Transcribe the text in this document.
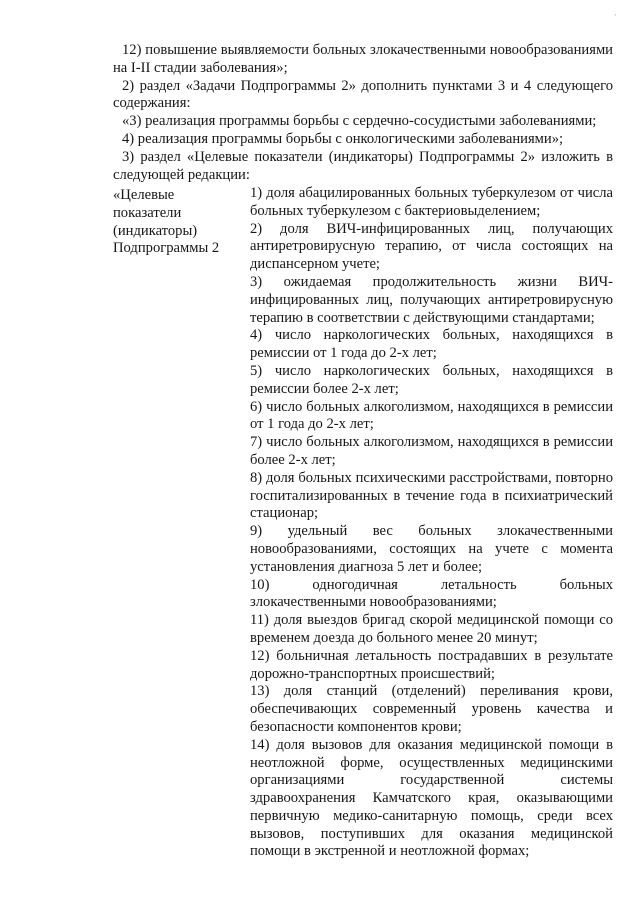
‚

12) повышение выявляемости больных злокачественными новообразованиями на I-II стадии заболевания»;

2) раздел «Задачи Подпрограммы 2» дополнить пунктами 3 и 4 следующего содержания:

«3) реализация программы борьбы с сердечно-сосудистыми заболеваниями;

4) реализация программы борьбы с онкологическими заболеваниями»;

3) раздел «Целевые показатели (индикаторы) Подпрограммы 2» изложить в следующей редакции:

«Целевые показатели (индикаторы) Подпрограммы 2

1) доля абацилированных больных туберкулезом от числа больных туберкулезом с бактериовыделением;

2) доля ВИЧ-инфицированных лиц, получающих антиретровирусную терапию, от числа состоящих на диспансерном учете;

3) ожидаемая продолжительность жизни ВИЧ-инфицированных лиц, получающих антиретровирусную терапию в соответствии с действующими стандартами;

4) число наркологических больных, находящихся в ремиссии от 1 года до 2-х лет;

5) число наркологических больных, находящихся в ремиссии более 2-х лет;

6) число больных алкоголизмом, находящихся в ремиссии от 1 года до 2-х лет;

7) число больных алкоголизмом, находящихся в ремиссии более 2-х лет;

8) доля больных психическими расстройствами, повторно госпитализированных в течение года в психиатрический стационар;

9) удельный вес больных злокачественными новообразованиями, состоящих на учете с момента установления диагноза 5 лет и более;

10) одногодичная летальность больных злокачественными новообразованиями;

11) доля выездов бригад скорой медицинской помощи со временем доезда до больного менее 20 минут;

12) больничная летальность пострадавших в результате дорожно-транспортных происшествий;

13) доля станций (отделений) переливания крови, обеспечивающих современный уровень качества и безопасности компонентов крови;

14) доля вызовов для оказания медицинской помощи в неотложной форме, осуществленных медицинскими организациями государственной системы здравоохранения Камчатского края, оказывающими первичную медико-санитарную помощь, среди всех вызовов, поступивших для оказания медицинской помощи в экстренной и неотложной формах;
